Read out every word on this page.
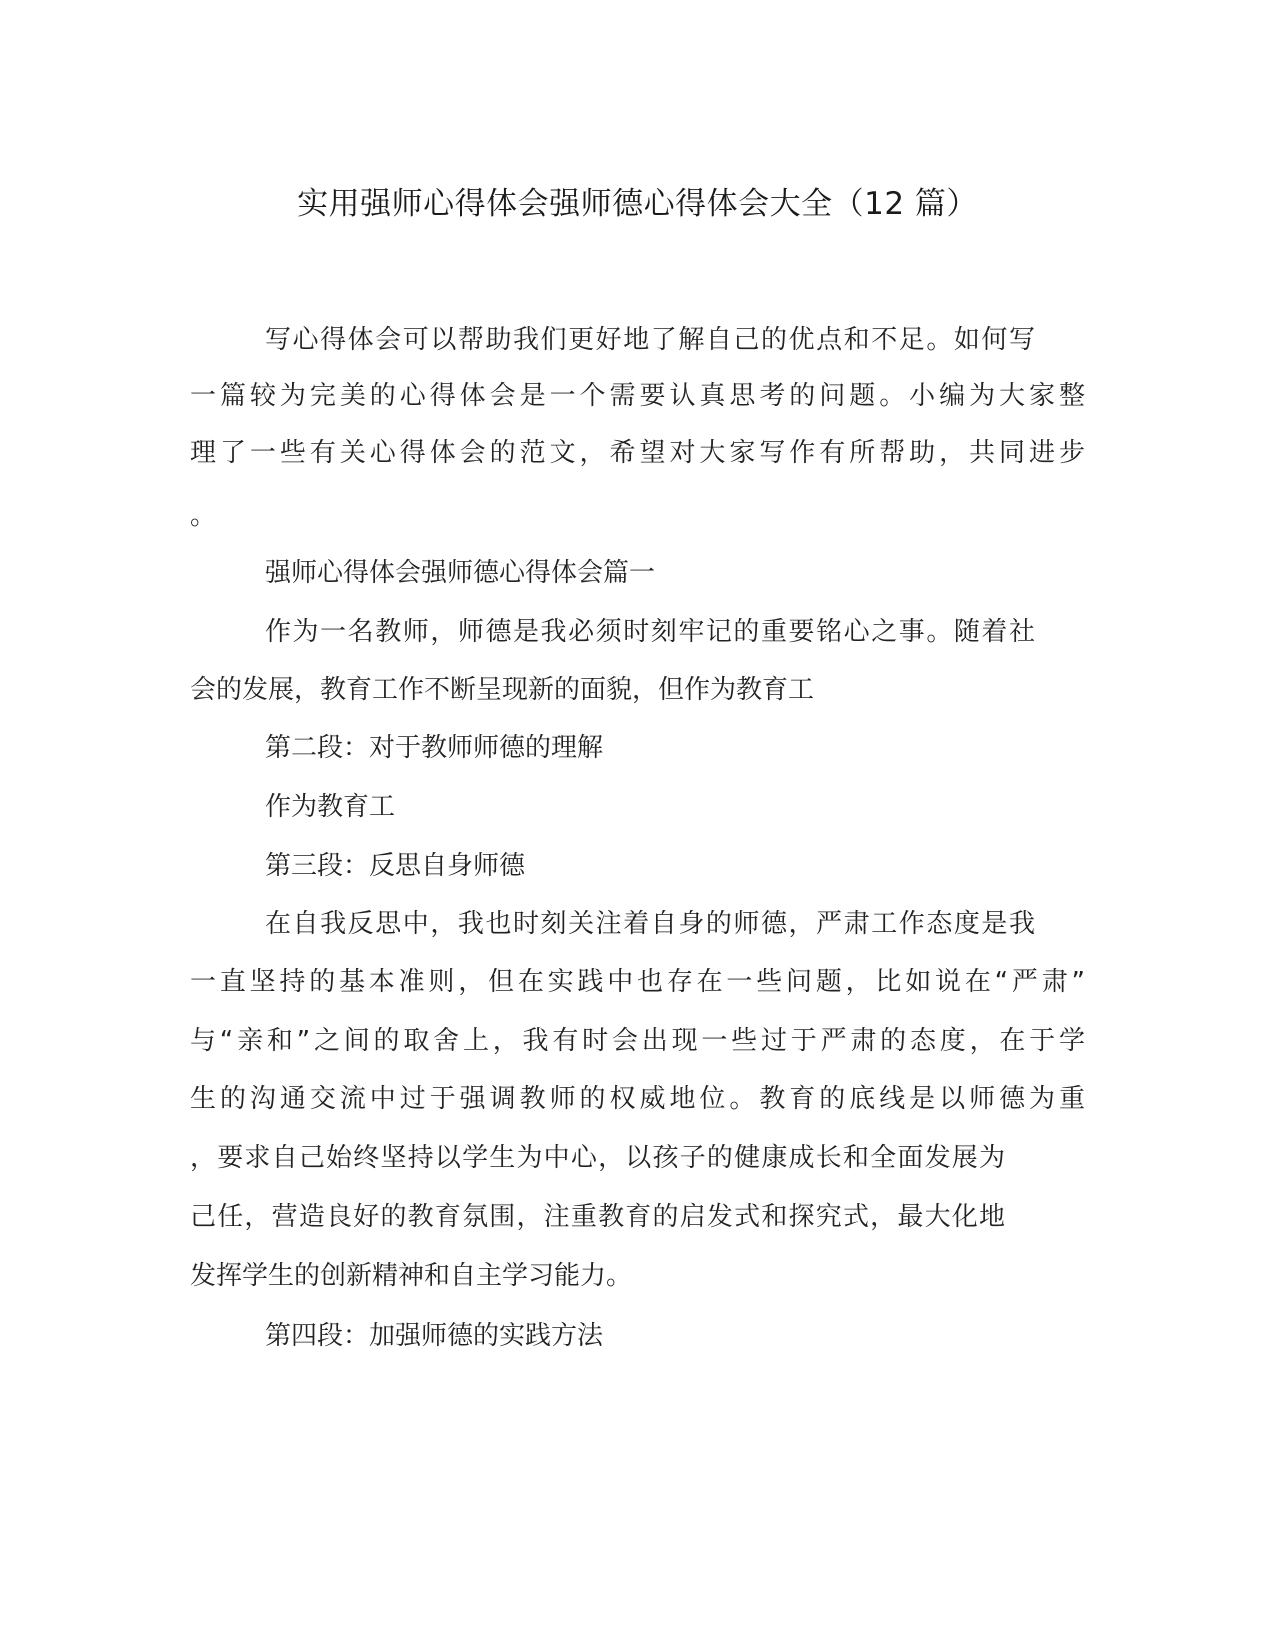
实用强师心得体会强师德心得体会大全（12 篇）
写心得体会可以帮助我们更好地了解自己的优点和不足。如何写
一篇较为完美的心得体会是一个需要认真思考的问题。小编为大家整
理了一些有关心得体会的范文，希望对大家写作有所帮助，共同进步
。
强师心得体会强师德心得体会篇一
作为一名教师，师德是我必须时刻牢记的重要铭心之事。随着社
会的发展，教育工作不断呈现新的面貌，但作为教育工
第二段：对于教师师德的理解
作为教育工
第三段：反思自身师德
在自我反思中，我也时刻关注着自身的师德，严肃工作态度是我
一直坚持的基本准则，但在实践中也存在一些问题，比如说在“严肃”
与“亲和”之间的取舍上，我有时会出现一些过于严肃的态度，在于学
生的沟通交流中过于强调教师的权威地位。教育的底线是以师德为重
，要求自己始终坚持以学生为中心，以孩子的健康成长和全面发展为
己任，营造良好的教育氛围，注重教育的启发式和探究式，最大化地
发挥学生的创新精神和自主学习能力。
第四段：加强师德的实践方法
